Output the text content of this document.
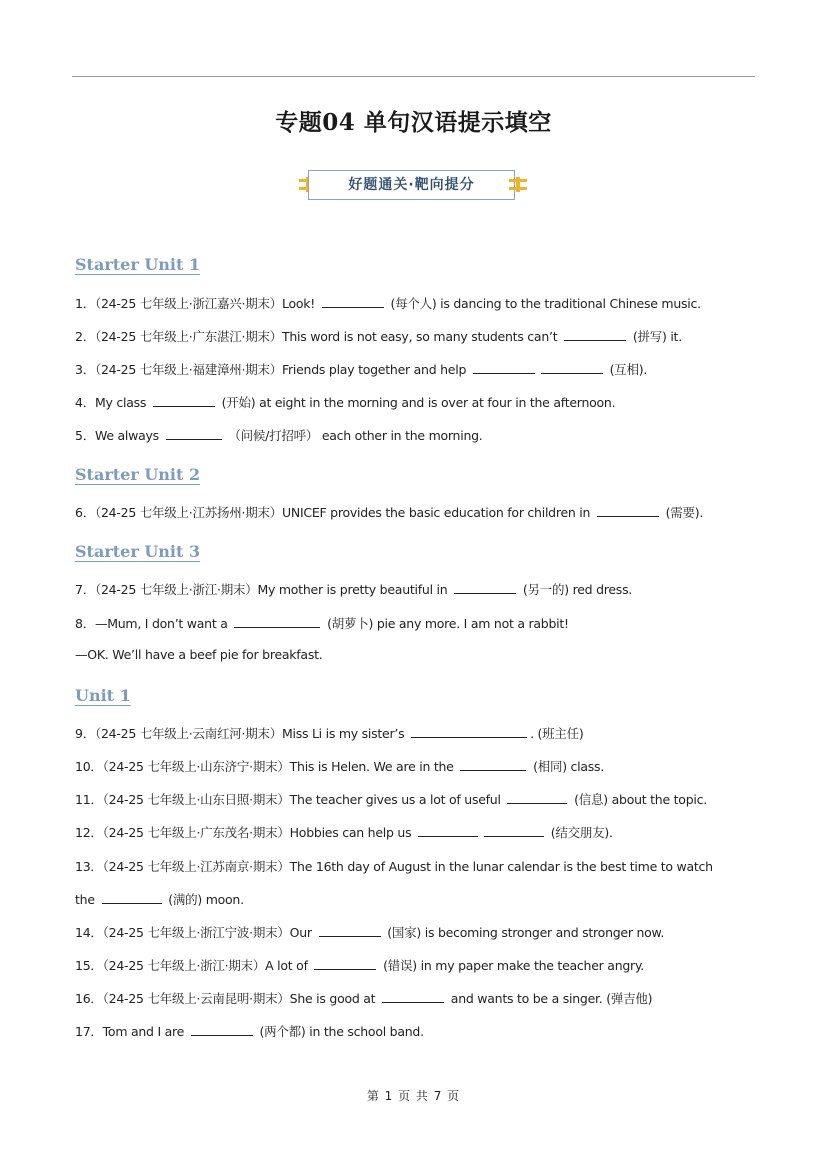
专题04 单句汉语提示填空
好题通关·靶向提分
Starter Unit 1
1．（24-25 七年级上·浙江嘉兴·期末）Look!	(每个人) is dancing to the traditional Chinese music.
2．（24-25 七年级上·广东湛江·期末）This word is not easy, so many students can’t	(拼写) it.
3．（24-25 七年级上·福建漳州·期末）Friends play together and help	(互相).
4．My class	(开始) at eight in the morning and is over at four in the afternoon.
5．We always	（问候/打招呼） each other in the morning.
Starter Unit 2
6．（24-25 七年级上·江苏扬州·期末）UNICEF provides the basic education for children in	(需要).
Starter Unit 3
7．（24-25 七年级上·浙江·期末）My mother is pretty beautiful in	(另一的) red dress.
8．—Mum, I don’t want a	(胡萝卜) pie any more. I am not a rabbit!
—OK. We’ll have a beef pie for breakfast.
Unit 1
9．（24-25 七年级上·云南红河·期末）Miss Li is my sister’s	. (班主任)
10．（24-25 七年级上·山东济宁·期末）This is Helen. We are in the	(相同) class.
11．（24-25 七年级上·山东日照·期末）The teacher gives us a lot of useful	(信息) about the topic.
12．（24-25 七年级上·广东茂名·期末）Hobbies can help us	(结交朋友).
13．（24-25 七年级上·江苏南京·期末）The 16th day of August in the lunar calendar is the best time to watch
the	(满的) moon.
14．（24-25 七年级上·浙江宁波·期末）Our	(国家) is becoming stronger and stronger now.
15．（24-25 七年级上·浙江·期末）A lot of	(错误) in my paper make the teacher angry.
16．（24-25 七年级上·云南昆明·期末）She is good at	and wants to be a singer. (弹吉他)
17．Tom and I are	(两个都) in the school band.
第 1 页 共 7 页
